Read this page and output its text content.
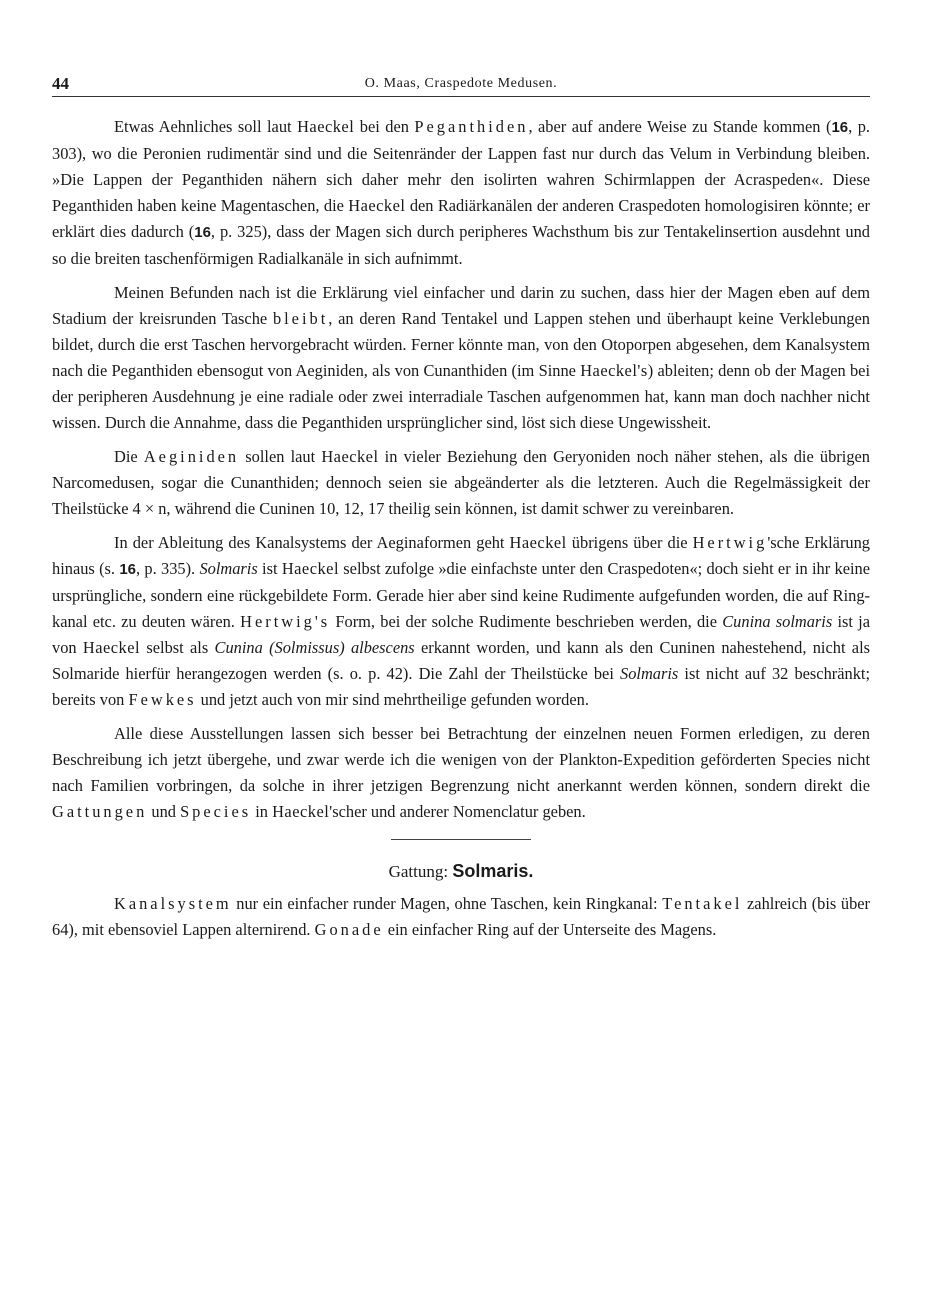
44	O. Maas, Craspedote Medusen.

Etwas Aehnliches soll laut Haeckel bei den Peganthiden, aber auf andere Weise zu Stande kommen (16, p. 303), wo die Peronien rudimentär sind und die Seitenränder der Lappen fast nur durch das Velum in Verbindung bleiben. »Die Lappen der Peganthiden nähern sich daher mehr den isolirten wahren Schirmlappen der Acraspeden«. Diese Peganthiden haben keine Magentaschen, die Haeckel den Radiärkanälen der anderen Craspedoten homologisiren könnte; er erklärt dies dadurch (16, p. 325), dass der Magen sich durch peripheres Wachsthum bis zur Tentakelinsertion ausdehnt und so die breiten taschenförmigen Radialkanäle in sich aufnimmt.

Meinen Befunden nach ist die Erklärung viel einfacher und darin zu suchen, dass hier der Magen eben auf dem Stadium der kreisrunden Tasche bleibt, an deren Rand Tentakel und Lappen stehen und überhaupt keine Verklebungen bildet, durch die erst Taschen hervorgebracht würden. Ferner könnte man, von den Otoporpen abgesehen, dem Kanalsystem nach die Peganthiden ebensogut von Aeginiden, als von Cunanthiden (im Sinne Haeckel's) ableiten; denn ob der Magen bei der peripheren Ausdehnung je eine radiale oder zwei interradiale Taschen aufgenommen hat, kann man doch nachher nicht wissen. Durch die Annahme, dass die Peganthiden ursprünglicher sind, löst sich diese Ungewissheit.

Die Aeginiden sollen laut Haeckel in vieler Beziehung den Geryoniden noch näher stehen, als die übrigen Narcomedusen, sogar die Cunanthiden; dennoch seien sie abgeänderter als die letzteren. Auch die Regelmässigkeit der Theilstücke 4 × n, während die Cuninen 10, 12, 17 theilig sein können, ist damit schwer zu vereinbaren.

In der Ableitung des Kanalsystems der Aeginaformen geht Haeckel übrigens über die Hertwig'sche Erklärung hinaus (s. 16, p. 335). Solmaris ist Haeckel selbst zufolge »die einfachste unter den Craspedoten«; doch sieht er in ihr keine ursprüngliche, sondern eine rückgebildete Form. Gerade hier aber sind keine Rudimente aufgefunden worden, die auf Ringkanal etc. zu deuten wären. Hertwig's Form, bei der solche Rudimente beschrieben werden, die Cunina solmaris ist ja von Haeckel selbst als Cunina (Solmissus) albescens erkannt worden, und kann als den Cuninen nahestehend, nicht als Solmaride hierfür herangezogen werden (s. o. p. 42). Die Zahl der Theilstücke bei Solmaris ist nicht auf 32 beschränkt; bereits von Fewkes und jetzt auch von mir sind mehrtheilige gefunden worden.

Alle diese Ausstellungen lassen sich besser bei Betrachtung der einzelnen neuen Formen erledigen, zu deren Beschreibung ich jetzt übergehe, und zwar werde ich die wenigen von der Plankton-Expedition geförderten Species nicht nach Familien vorbringen, da solche in ihrer jetzigen Begrenzung nicht anerkannt werden können, sondern direkt die Gattungen und Species in Haeckel'scher und anderer Nomenclatur geben.

Gattung: Solmaris.

Kanalsystem nur ein einfacher runder Magen, ohne Taschen, kein Ringkanal: Tentakel zahlreich (bis über 64), mit ebensoviel Lappen alternirend. Gonade ein einfacher Ring auf der Unterseite des Magens.
